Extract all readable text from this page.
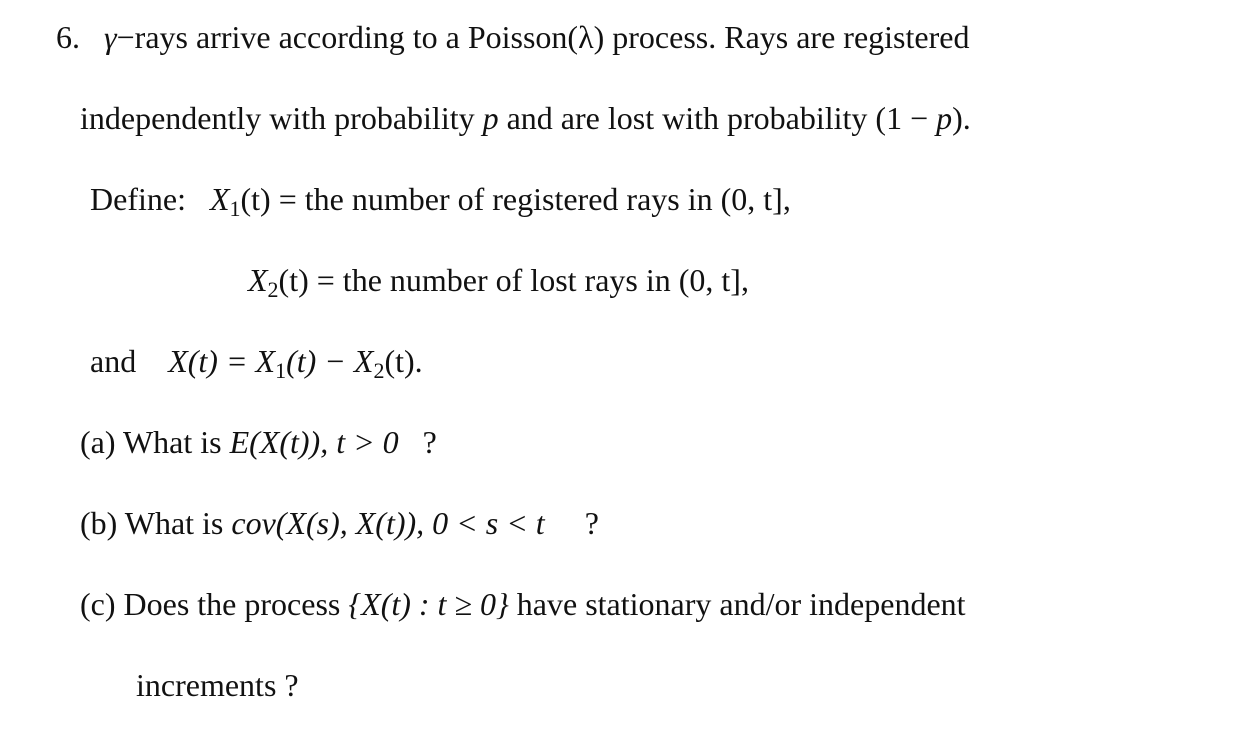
6. γ−rays arrive according to a Poisson(λ) process. Rays are registered
independently with probability p and are lost with probability (1 − p).
Define: $X_1(t)$ = the number of registered rays in (0, t],
$X_2(t)$ = the number of lost rays in (0, t],
and $X(t) = X_1(t) - X_2(t)$.
(a) What is E(X(t)), t > 0 ?
(b) What is cov(X(s), X(t)), 0 < s < t ?
(c) Does the process {X(t) : t ≥ 0} have stationary and/or independent
increments ?
